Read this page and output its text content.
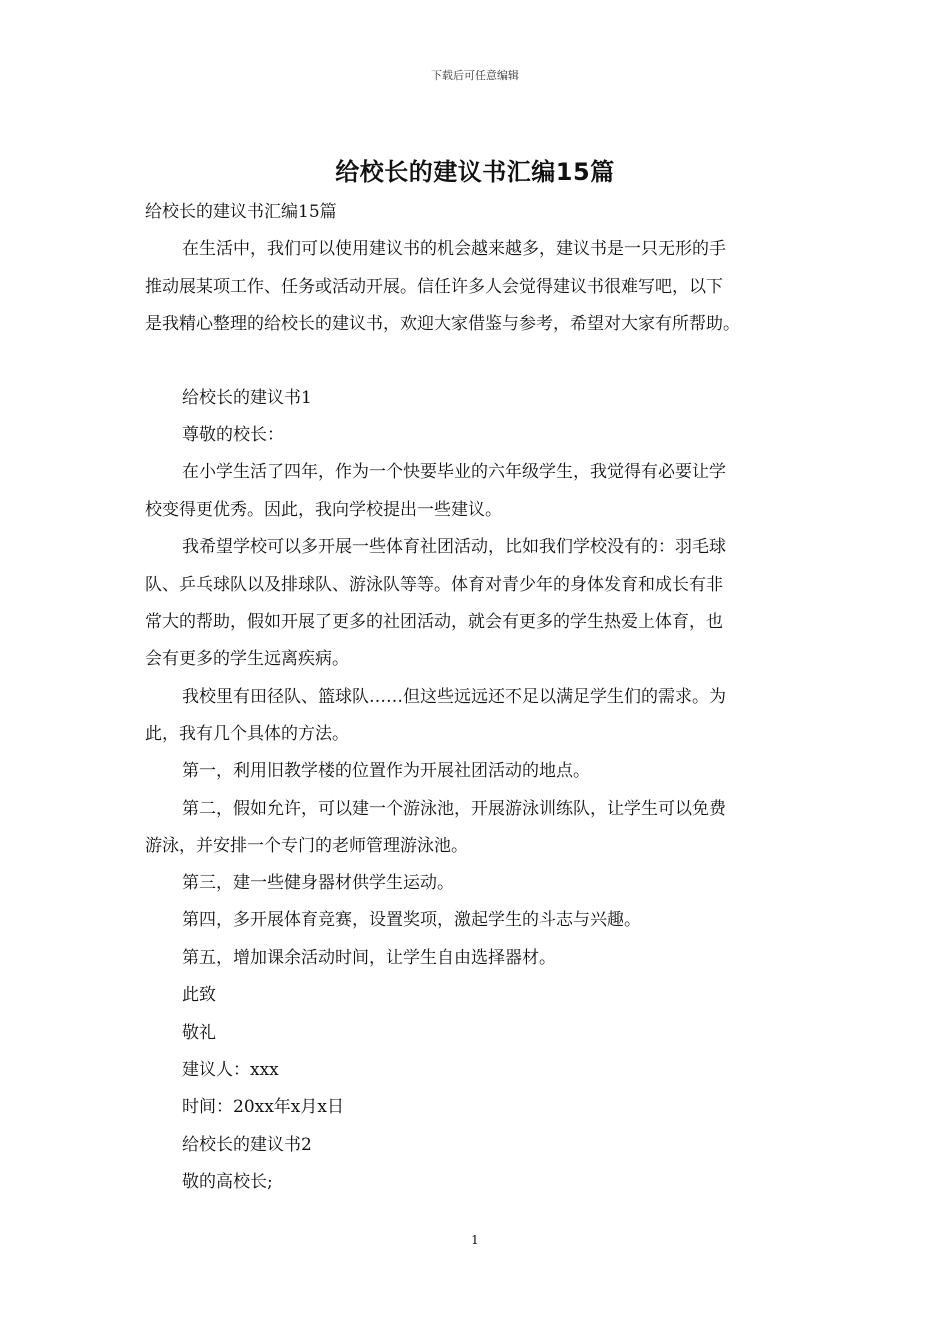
下载后可任意编辑
给校长的建议书汇编15篇
给校长的建议书汇编15篇
在生活中，我们可以使用建议书的机会越来越多，建议书是一只无形的手
推动展某项工作、任务或活动开展。信任许多人会觉得建议书很难写吧，以下
是我精心整理的给校长的建议书，欢迎大家借鉴与参考，希望对大家有所帮助。
给校长的建议书1
尊敬的校长：
在小学生活了四年，作为一个快要毕业的六年级学生，我觉得有必要让学
校变得更优秀。因此，我向学校提出一些建议。
我希望学校可以多开展一些体育社团活动，比如我们学校没有的：羽毛球
队、乒乓球队以及排球队、游泳队等等。体育对青少年的身体发育和成长有非
常大的帮助，假如开展了更多的社团活动，就会有更多的学生热爱上体育，也
会有更多的学生远离疾病。
我校里有田径队、篮球队……但这些远远还不足以满足学生们的需求。为
此，我有几个具体的方法。
第一，利用旧教学楼的位置作为开展社团活动的地点。
第二，假如允许，可以建一个游泳池，开展游泳训练队，让学生可以免费
游泳，并安排一个专门的老师管理游泳池。
第三，建一些健身器材供学生运动。
第四，多开展体育竞赛，设置奖项，激起学生的斗志与兴趣。
第五，增加课余活动时间，让学生自由选择器材。
此致
敬礼
建议人：xxx
时间：20xx年x月x日
给校长的建议书2
敬的高校长;
1
